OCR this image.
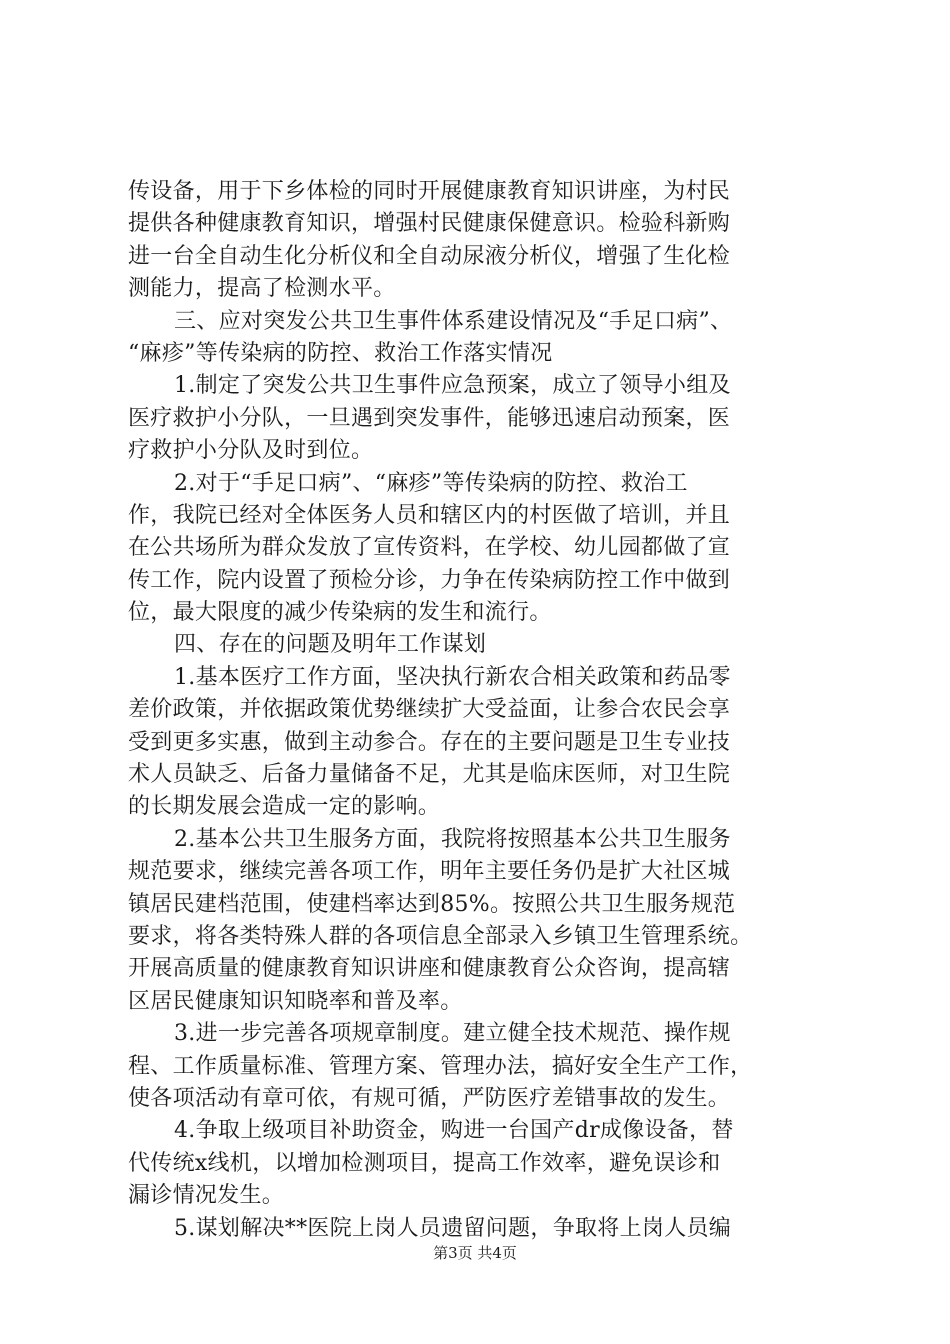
传设备，用于下乡体检的同时开展健康教育知识讲座，为村民
提供各种健康教育知识，增强村民健康保健意识。检验科新购
进一台全自动生化分析仪和全自动尿液分析仪，增强了生化检
测能力，提高了检测水平。
三、应对突发公共卫生事件体系建设情况及“手足口病”、
“麻疹”等传染病的防控、救治工作落实情况
1.制定了突发公共卫生事件应急预案，成立了领导小组及
医疗救护小分队，一旦遇到突发事件，能够迅速启动预案，医
疗救护小分队及时到位。
2.对于“手足口病”、“麻疹”等传染病的防控、救治工
作，我院已经对全体医务人员和辖区内的村医做了培训，并且
在公共场所为群众发放了宣传资料，在学校、幼儿园都做了宣
传工作，院内设置了预检分诊，力争在传染病防控工作中做到
位，最大限度的减少传染病的发生和流行。
四、存在的问题及明年工作谋划
1.基本医疗工作方面，坚决执行新农合相关政策和药品零
差价政策，并依据政策优势继续扩大受益面，让参合农民会享
受到更多实惠，做到主动参合。存在的主要问题是卫生专业技
术人员缺乏、后备力量储备不足，尤其是临床医师，对卫生院
的长期发展会造成一定的影响。
2.基本公共卫生服务方面，我院将按照基本公共卫生服务
规范要求，继续完善各项工作，明年主要任务仍是扩大社区城
镇居民建档范围，使建档率达到85%。按照公共卫生服务规范
要求，将各类特殊人群的各项信息全部录入乡镇卫生管理系统。
开展高质量的健康教育知识讲座和健康教育公众咨询，提高辖
区居民健康知识知晓率和普及率。
3.进一步完善各项规章制度。建立健全技术规范、操作规
程、工作质量标准、管理方案、管理办法，搞好安全生产工作，
使各项活动有章可依，有规可循，严防医疗差错事故的发生。
4.争取上级项目补助资金，购进一台国产dr成像设备，替
代传统x线机，以增加检测项目，提高工作效率，避免误诊和
漏诊情况发生。
5.谋划解决**医院上岗人员遗留问题，争取将上岗人员编
第3页 共4页
